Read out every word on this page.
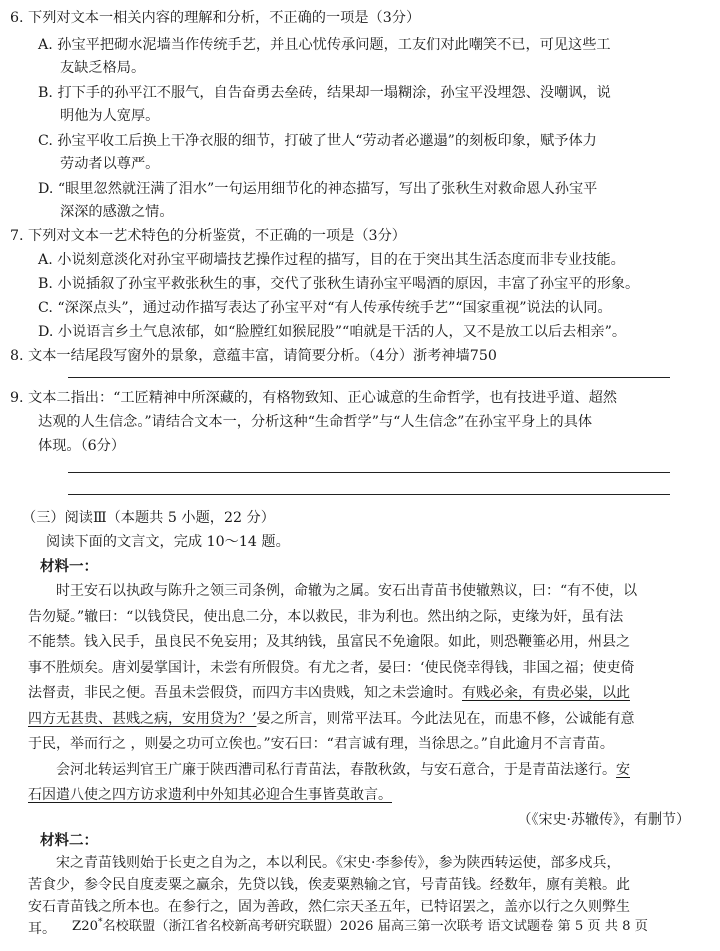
6. 下列对文本一相关内容的理解和分析，不正确的一项是（3分）
A. 孙宝平把砌水泥墙当作传统手艺，并且心忧传承问题，工友们对此嘲笑不已，可见这些工
友缺乏格局。
B. 打下手的孙平江不服气，自告奋勇去垒砖，结果却一塌糊涂，孙宝平没埋怨、没嘲讽，说
明他为人宽厚。
C. 孙宝平收工后换上干净衣服的细节，打破了世人“劳动者必邋遢”的刻板印象，赋予体力
劳动者以尊严。
D. “眼里忽然就汪满了泪水”一句运用细节化的神态描写，写出了张秋生对救命恩人孙宝平
深深的感激之情。
7. 下列对文本一艺术特色的分析鉴赏，不正确的一项是（3分）
A. 小说刻意淡化对孙宝平砌墙技艺操作过程的描写，目的在于突出其生活态度而非专业技能。
B. 小说插叙了孙宝平救张秋生的事，交代了张秋生请孙宝平喝酒的原因，丰富了孙宝平的形象。
C. “深深点头”，通过动作描写表达了孙宝平对“有人传承传统手艺”“国家重视”说法的认同。
D. 小说语言乡土气息浓郁，如“脸膛红如猴屁股”“咱就是干活的人，又不是放工以后去相亲”。
8. 文本一结尾段写窗外的景象，意蕴丰富，请简要分析。（4分）浙考神墙750
9. 文本二指出：“工匠精神中所深藏的，有格物致知、正心诚意的生命哲学，也有技进乎道、超然
达观的人生信念。”请结合文本一，分析这种“生命哲学”与“人生信念”在孙宝平身上的具体
体现。（6分）
（三）阅读Ⅲ（本题共 5 小题，22 分）
阅读下面的文言文，完成 10～14 题。
材料一：
　　时王安石以执政与陈升之领三司条例，命辙为之属。安石出青苗书使辙熟议，曰：“有不使，以
告勿疑。”辙曰：“以钱贷民，使出息二分，本以救民，非为利也。然出纳之际，吏缘为奸，虽有法
不能禁。钱入民手，虽良民不免妄用；及其纳钱，虽富民不免逾限。如此，则恐鞭箠必用，州县之
事不胜烦矣。唐刘晏掌国计，未尝有所假贷。有尤之者，晏曰：‘使民侥幸得钱，非国之福；使吏倚
法督责，非民之便。吾虽未尝假贷，而四方丰凶贵贱，知之未尝逾时。有贱必籴，有贵必粜，以此
四方无甚贵、甚贱之病，安用贷为？’晏之所言，则常平法耳。今此法见在，而患不修，公诚能有意
于民，举而行之 ，则晏之功可立俟也。”安石曰：“君言诚有理，当徐思之。”自此逾月不言青苗。
　　会河北转运判官王广廉于陕西漕司私行青苗法，春散秋敛，与安石意合，于是青苗法遂行。安
石因遣八使之四方访求遗利中外知其必迎合生事皆莫敢言。
（《宋史·苏辙传》，有删节）
材料二：
　　宋之青苗钱则始于长吏之自为之，本以利民。《宋史·李参传》，参为陕西转运使，部多戍兵，
Z20*名校联盟（浙江省名校新高考研究联盟）2026 届高三第一次联考 语文试题卷 第 5 页 共 8 页
苦食少，参令民自度麦粟之赢余，先贷以钱，俟麦粟熟输之官，号青苗钱。经数年，廪有美粮。此
安石青苗钱之所本也。在参行之，固为善政，然仁宗天圣五年，已特诏罢之，盖亦以行之久则弊生
耳。
